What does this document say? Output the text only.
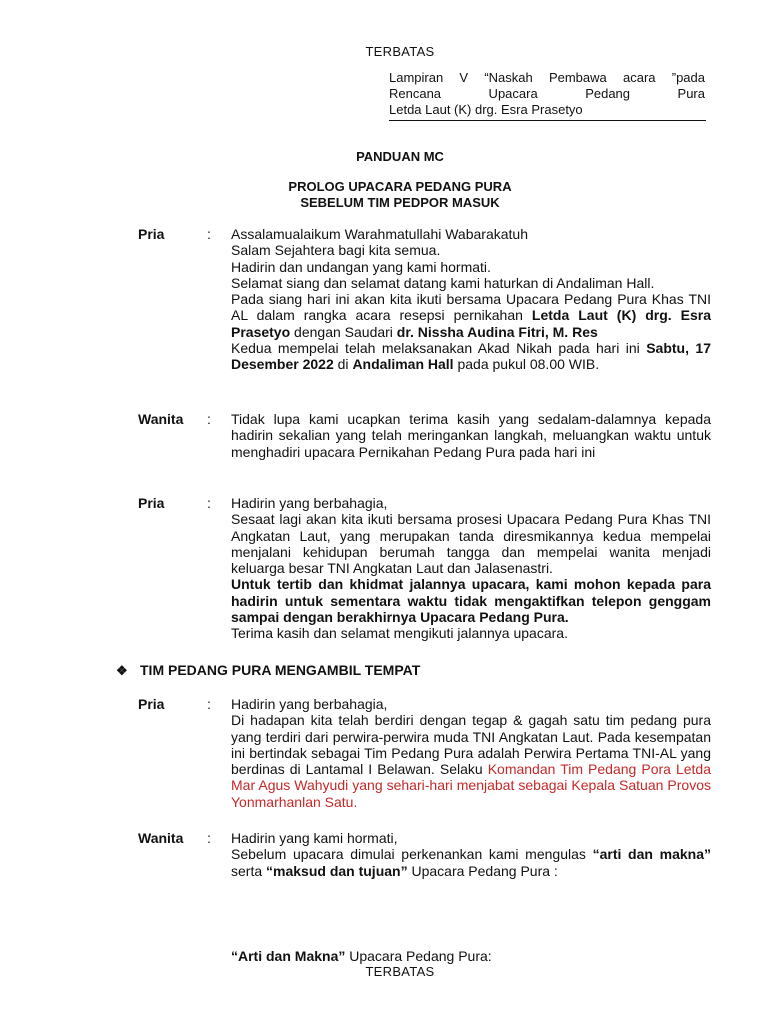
TERBATAS
Lampiran V “Naskah Pembawa acara ”pada
Rencana Upacara Pedang Pura
Letda Laut (K) drg. Esra Prasetyo
PANDUAN MC
PROLOG UPACARA PEDANG PURA
SEBELUM TIM PEDPOR MASUK
Pria	: Assalamualaikum Warahmatullahi Wabarakatuh

Salam Sejahtera bagi kita semua.

Hadirin dan undangan yang kami hormati.

Selamat siang dan selamat datang kami haturkan di Andaliman Hall.

Pada siang hari ini akan kita ikuti bersama Upacara Pedang Pura Khas TNI AL dalam rangka acara resepsi pernikahan Letda Laut (K) drg. Esra Prasetyo dengan Saudari dr. Nissha Audina Fitri, M. Res

Kedua mempelai telah melaksanakan Akad Nikah pada hari ini Sabtu, 17 Desember 2022 di Andaliman Hall pada pukul 08.00 WIB.

Wanita : Tidak lupa kami ucapkan terima kasih yang sedalam-dalamnya kepada hadirin sekalian yang telah meringankan langkah, meluangkan waktu untuk menghadiri upacara Pernikahan Pedang Pura pada hari ini

Pria	: Hadirin yang berbahagia,

Sesaat lagi akan kita ikuti bersama prosesi Upacara Pedang Pura Khas TNI Angkatan Laut, yang merupakan tanda diresmikannya kedua mempelai menjalani kehidupan berumah tangga dan mempelai wanita menjadi keluarga besar TNI Angkatan Laut dan Jalasenastri.

Untuk tertib dan khidmat jalannya upacara, kami mohon kepada para hadirin untuk sementara waktu tidak mengaktifkan telepon genggam sampai dengan berakhirnya Upacara Pedang Pura.

Terima kasih dan selamat mengikuti jalannya upacara.

❖ TIM PEDANG PURA MENGAMBIL TEMPAT
Pria	: Hadirin yang berbahagia,

Di hadapan kita telah berdiri dengan tegap & gagah satu tim pedang pura yang terdiri dari perwira-perwira muda TNI Angkatan Laut. Pada kesempatan ini bertindak sebagai Tim Pedang Pura adalah Perwira Pertama TNI-AL yang berdinas di Lantamal I Belawan. Selaku Komandan Tim Pedang Pora Letda Mar Agus Wahyudi yang sehari-hari menjabat sebagai Kepala Satuan Provos Yonmarhanlan Satu.

Wanita : Hadirin yang kami hormati,

Sebelum upacara dimulai perkenankan kami mengulas “arti dan makna” serta “maksud dan tujuan” Upacara Pedang Pura :

“Arti dan Makna” Upacara Pedang Pura:
TERBATAS
